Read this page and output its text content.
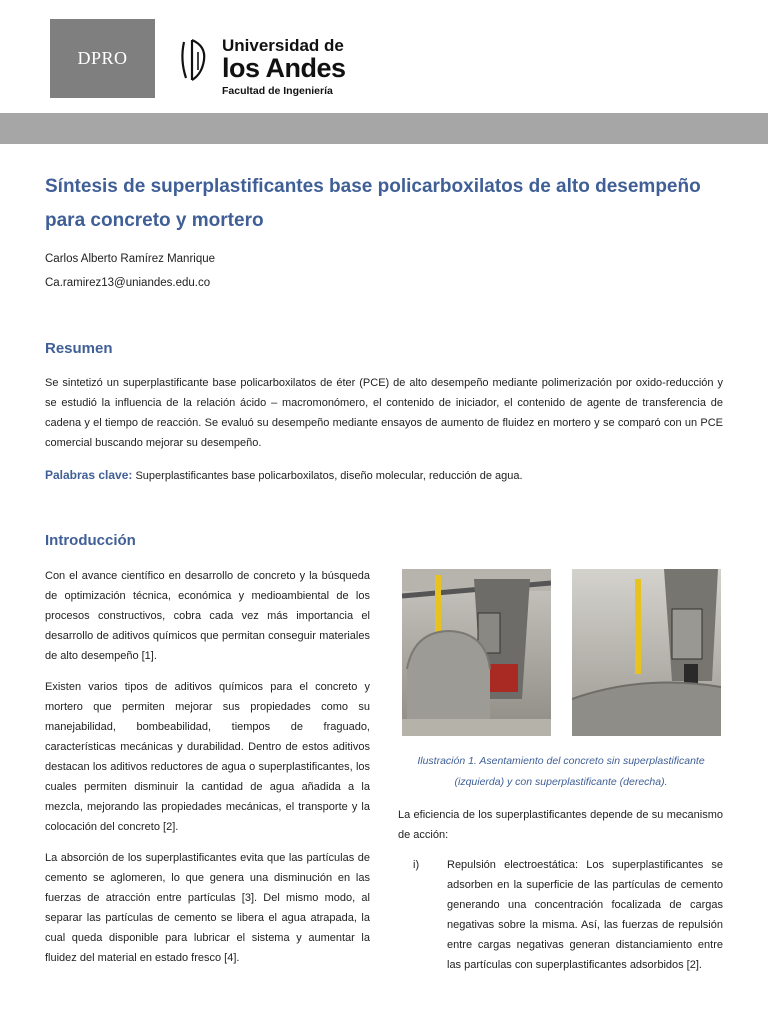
DPRO
Universidad de
los Andes
Facultad de Ingeniería
Síntesis de superplastificantes base policarboxilatos de alto desempeño para concreto y mortero
Carlos Alberto Ramírez Manrique
Ca.ramirez13@uniandes.edu.co
Resumen
Se sintetizó un superplastificante base policarboxilatos de éter (PCE) de alto desempeño mediante polimerización por oxido-reducción y se estudió la influencia de la relación ácido – macromonómero, el contenido de iniciador, el contenido de agente de transferencia de cadena y el tiempo de reacción. Se evaluó su desempeño mediante ensayos de aumento de fluidez en mortero y se comparó con un PCE comercial buscando mejorar su desempeño.
Palabras clave: Superplastificantes base policarboxilatos, diseño molecular, reducción de agua.
Introducción
Con el avance científico en desarrollo de concreto y la búsqueda de optimización técnica, económica y medioambiental de los procesos constructivos, cobra cada vez más importancia el desarrollo de aditivos químicos que permitan conseguir materiales de alto desempeño [1].
Existen varios tipos de aditivos químicos para el concreto y mortero que permiten mejorar sus propiedades como su manejabilidad, bombeabilidad, tiempos de fraguado, características mecánicas y durabilidad. Dentro de estos aditivos destacan los aditivos reductores de agua o superplastificantes, los cuales permiten disminuir la cantidad de agua añadida a la mezcla, mejorando las propiedades mecánicas, el transporte y la colocación del concreto [2].
La absorción de los superplastificantes evita que las partículas de cemento se aglomeren, lo que genera una disminución en las fuerzas de atracción entre partículas [3]. Del mismo modo, al separar las partículas de cemento se libera el agua atrapada, la cual queda disponible para lubricar el sistema y aumentar la fluidez del material en estado fresco [4].
Ilustración 1. Asentamiento del concreto sin superplastificante (izquierda) y con superplastificante (derecha).
La eficiencia de los superplastificantes depende de su mecanismo de acción:
i)	Repulsión electroestática: Los superplastificantes se adsorben en la superficie de las partículas de cemento generando una concentración focalizada de cargas negativas sobre la misma. Así, las fuerzas de repulsión entre cargas negativas generan distanciamiento entre las partículas con superplastificantes adsorbidos [2].
